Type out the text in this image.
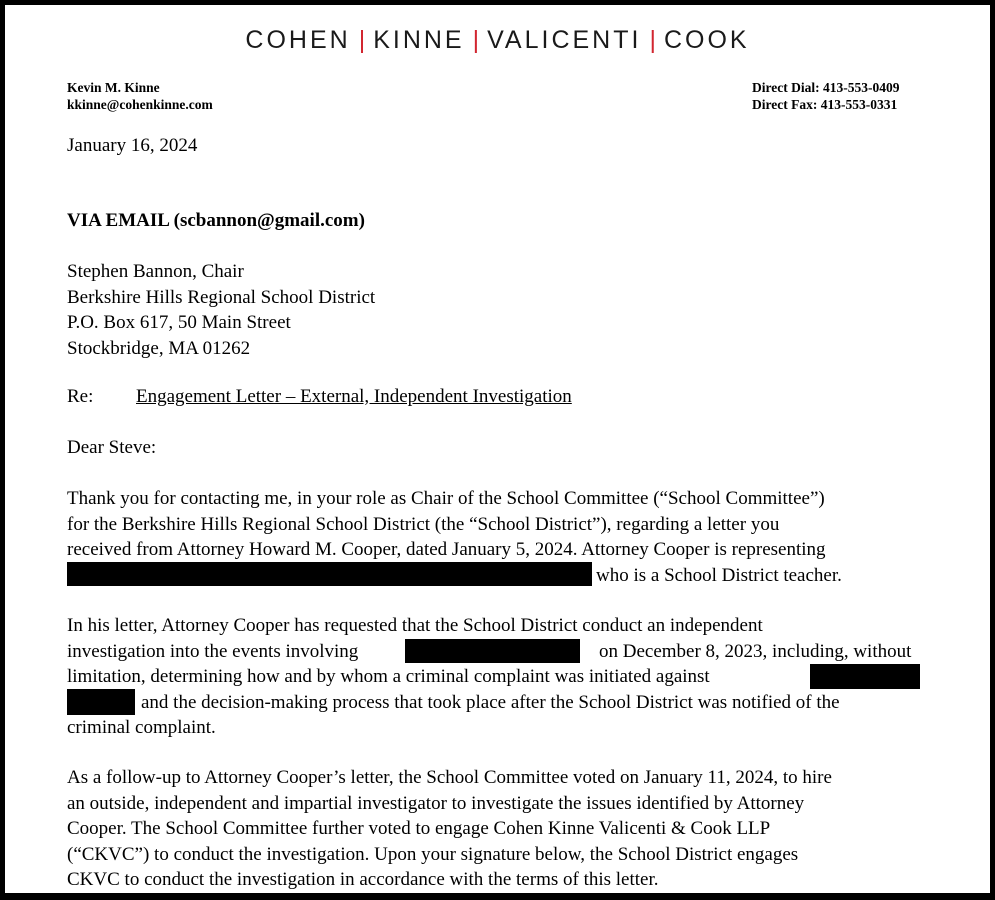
COHEN | KINNE | VALICENTI | COOK
Kevin M. Kinne
kkinne@cohenkinne.com
Direct Dial: 413-553-0409
Direct Fax: 413-553-0331
January 16, 2024
VIA EMAIL (scbannon@gmail.com)
Stephen Bannon, Chair
Berkshire Hills Regional School District
P.O. Box 617, 50 Main Street
Stockbridge, MA 01262
Re: Engagement Letter – External, Independent Investigation
Dear Steve:
Thank you for contacting me, in your role as Chair of the School Committee (“School Committee”)
for the Berkshire Hills Regional School District (the “School District”), regarding a letter you
received from Attorney Howard M. Cooper, dated January 5, 2024. Attorney Cooper is representing
who is a School District teacher.
In his letter, Attorney Cooper has requested that the School District conduct an independent
investigation into the events involving	on December 8, 2023, including, without
limitation, determining how and by whom a criminal complaint was initiated against
and the decision-making process that took place after the School District was notified of the
criminal complaint.
As a follow-up to Attorney Cooper’s letter, the School Committee voted on January 11, 2024, to hire
an outside, independent and impartial investigator to investigate the issues identified by Attorney
Cooper. The School Committee further voted to engage Cohen Kinne Valicenti & Cook LLP
(“CKVC”) to conduct the investigation. Upon your signature below, the School District engages
CKVC to conduct the investigation in accordance with the terms of this letter.
